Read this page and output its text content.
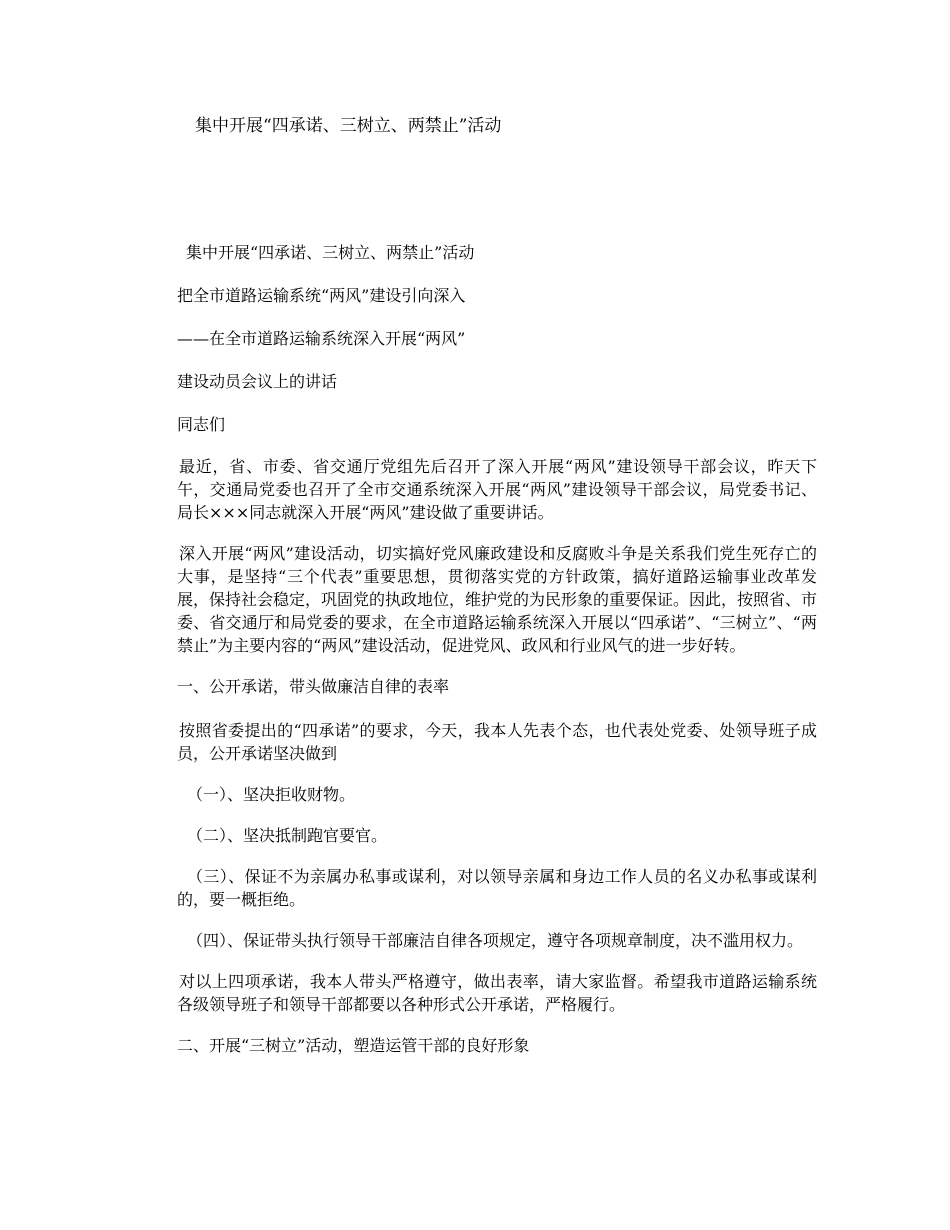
集中开展“四承诺、三树立、两禁止”活动
集中开展“四承诺、三树立、两禁止”活动
把全市道路运输系统“两风”建设引向深入
——在全市道路运输系统深入开展“两风”
建设动员会议上的讲话
同志们

最近，省、市委、省交通厅党组先后召开了深入开展“两风”建设领导干部会议，昨天下午，交通局党委也召开了全市交通系统深入开展“两风”建设领导干部会议，局党委书记、局长×××同志就深入开展“两风”建设做了重要讲话。

深入开展“两风”建设活动，切实搞好党风廉政建设和反腐败斗争是关系我们党生死存亡的大事，是坚持“三个代表”重要思想，贯彻落实党的方针政策，搞好道路运输事业改革发展，保持社会稳定，巩固党的执政地位，维护党的为民形象的重要保证。因此，按照省、市委、省交通厅和局党委的要求，在全市道路运输系统深入开展以“四承诺”、“三树立”、“两禁止”为主要内容的“两风”建设活动，促进党风、政风和行业风气的进一步好转。

一、公开承诺，带头做廉洁自律的表率

按照省委提出的“四承诺”的要求，今天，我本人先表个态，也代表处党委、处领导班子成员，公开承诺坚决做到

（一）、坚决拒收财物。

（二）、坚决抵制跑官要官。

（三）、保证不为亲属办私事或谋利，对以领导亲属和身边工作人员的名义办私事或谋利的，要一概拒绝。

（四）、保证带头执行领导干部廉洁自律各项规定，遵守各项规章制度，决不滥用权力。

对以上四项承诺，我本人带头严格遵守，做出表率，请大家监督。希望我市道路运输系统各级领导班子和领导干部都要以各种形式公开承诺，严格履行。

二、开展“三树立”活动，塑造运管干部的良好形象
